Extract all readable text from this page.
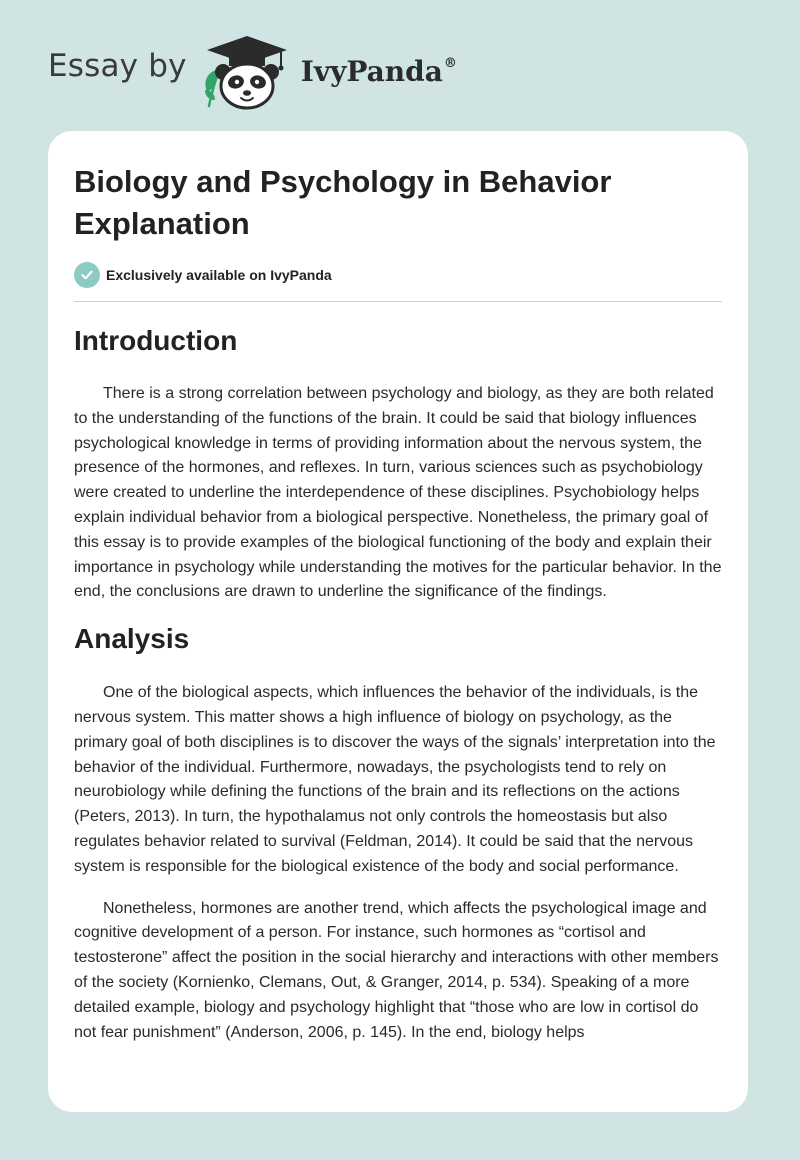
Essay by	IvyPanda®
Biology and Psychology in Behavior Explanation
Exclusively available on IvyPanda
Introduction

There is a strong correlation between psychology and biology, as they are both related to the understanding of the functions of the brain. It could be said that biology influences psychological knowledge in terms of providing information about the nervous system, the presence of the hormones, and reflexes. In turn, various sciences such as psychobiology were created to underline the interdependence of these disciplines. Psychobiology helps explain individual behavior from a biological perspective. Nonetheless, the primary goal of this essay is to provide examples of the biological functioning of the body and explain their importance in psychology while understanding the motives for the particular behavior. In the end, the conclusions are drawn to underline the significance of the findings.

Analysis

One of the biological aspects, which influences the behavior of the individuals, is the nervous system. This matter shows a high influence of biology on psychology, as the primary goal of both disciplines is to discover the ways of the signals’ interpretation into the behavior of the individual. Furthermore, nowadays, the psychologists tend to rely on neurobiology while defining the functions of the brain and its reflections on the actions (Peters, 2013). In turn, the hypothalamus not only controls the homeostasis but also regulates behavior related to survival (Feldman, 2014). It could be said that the nervous system is responsible for the biological existence of the body and social performance.

Nonetheless, hormones are another trend, which affects the psychological image and cognitive development of a person. For instance, such hormones as “cortisol and testosterone” affect the position in the social hierarchy and interactions with other members of the society (Kornienko, Clemans, Out, & Granger, 2014, p. 534). Speaking of a more detailed example, biology and psychology highlight that “those who are low in cortisol do not fear punishment” (Anderson, 2006, p. 145). In the end, biology helps
